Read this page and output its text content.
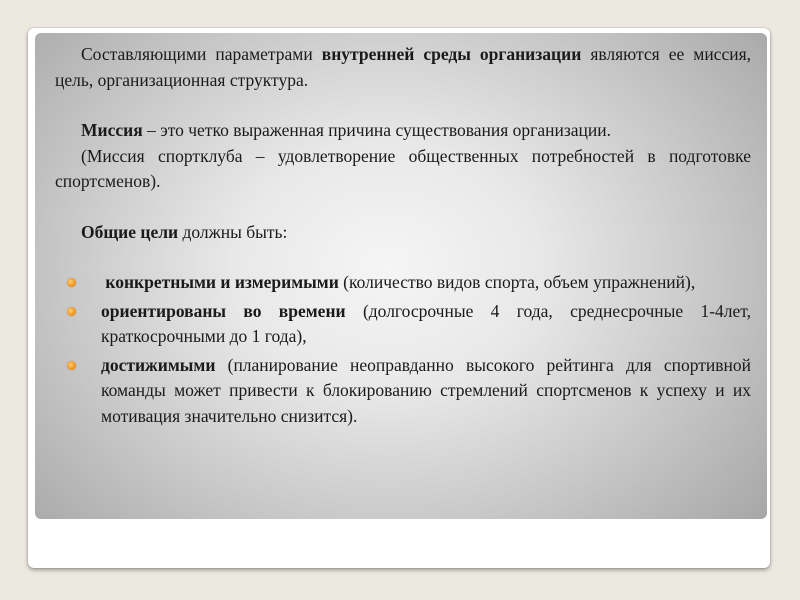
Составляющими параметрами внутренней среды организации являются ее миссия, цель, организационная структура.

Миссия – это четко выраженная причина существования организации.

(Миссия спортклуба – удовлетворение общественных потребностей в подготовке спортсменов).

Общие цели должны быть:

конкретными и измеримыми (количество видов спорта, объем упражнений),
ориентированы во времени (долгосрочные 4 года, среднесрочные 1-4лет, краткосрочными до 1 года),
достижимыми (планирование неоправданно высокого рейтинга для спортивной команды может привести к блокированию стремлений спортсменов к успеху и их мотивация значительно снизится).
